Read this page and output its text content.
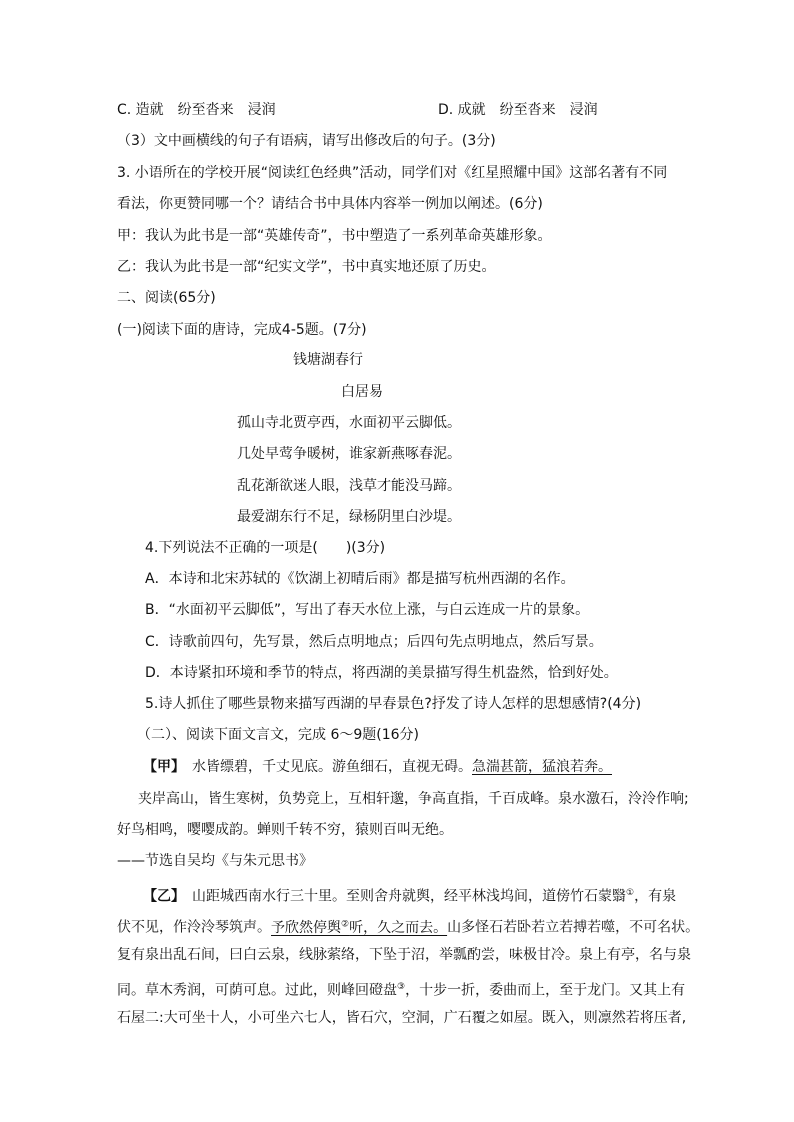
C. 造就　纷至沓来　浸润	D. 成就　纷至沓来　浸润
（3）文中画横线的句子有语病，请写出修改后的句子。(3分)
3. 小语所在的学校开展“阅读红色经典”活动，同学们对《红星照耀中国》这部名著有不同
看法，你更赞同哪一个？请结合书中具体内容举一例加以阐述。(6分)
甲：我认为此书是一部“英雄传奇”，书中塑造了一系列革命英雄形象。
乙：我认为此书是一部“纪实文学”，书中真实地还原了历史。
二、阅读(65分)
(一)阅读下面的唐诗，完成4-5题。(7分)
钱塘湖春行
白居易
孤山寺北贾亭西，水面初平云脚低。
几处早莺争暖树，谁家新燕啄春泥。
乱花渐欲迷人眼，浅草才能没马蹄。
最爱湖东行不足，绿杨阴里白沙堤。
4.下列说法不正确的一项是(　　)(3分)
A．本诗和北宋苏轼的《饮湖上初晴后雨》都是描写杭州西湖的名作。
B．“水面初平云脚低”，写出了春天水位上涨，与白云连成一片的景象。
C．诗歌前四句，先写景，然后点明地点；后四句先点明地点，然后写景。
D．本诗紧扣环境和季节的特点，将西湖的美景描写得生机盎然，恰到好处。
5.诗人抓住了哪些景物来描写西湖的早春景色?抒发了诗人怎样的思想感情?(4分)
（二）、阅读下面文言文，完成 6～9题(16分)
【甲】　水皆缥碧，千丈见底。游鱼细石，直视无碍。急湍甚箭，猛浪若奔。
夹岸高山，皆生寒树，负势竞上，互相轩邈，争高直指，千百成峰。泉水激石，泠泠作响;
好鸟相鸣，嘤嘤成韵。蝉则千转不穷，猿则百叫无绝。
——节选自吴均《与朱元思书》
【乙】　山距城西南水行三十里。至则舍舟就舆，经平林浅坞间，道傍竹石蒙翳①，有泉
伏不见，作泠泠琴筑声。予欣然停舆②听，久之而去。山多怪石若卧若立若搏若噬，不可名状。
复有泉出乱石间，曰白云泉，线脉萦络，下坠于沼，举瓢酌尝，味极甘冷。泉上有亭，名与泉
同。草木秀润，可荫可息。过此，则峰回磴盘③，十步一折，委曲而上，至于龙门。又其上有
石屋二:大可坐十人，小可坐六七人，皆石穴，空洞，广石覆之如屋。既入，则凛然若将压者,
